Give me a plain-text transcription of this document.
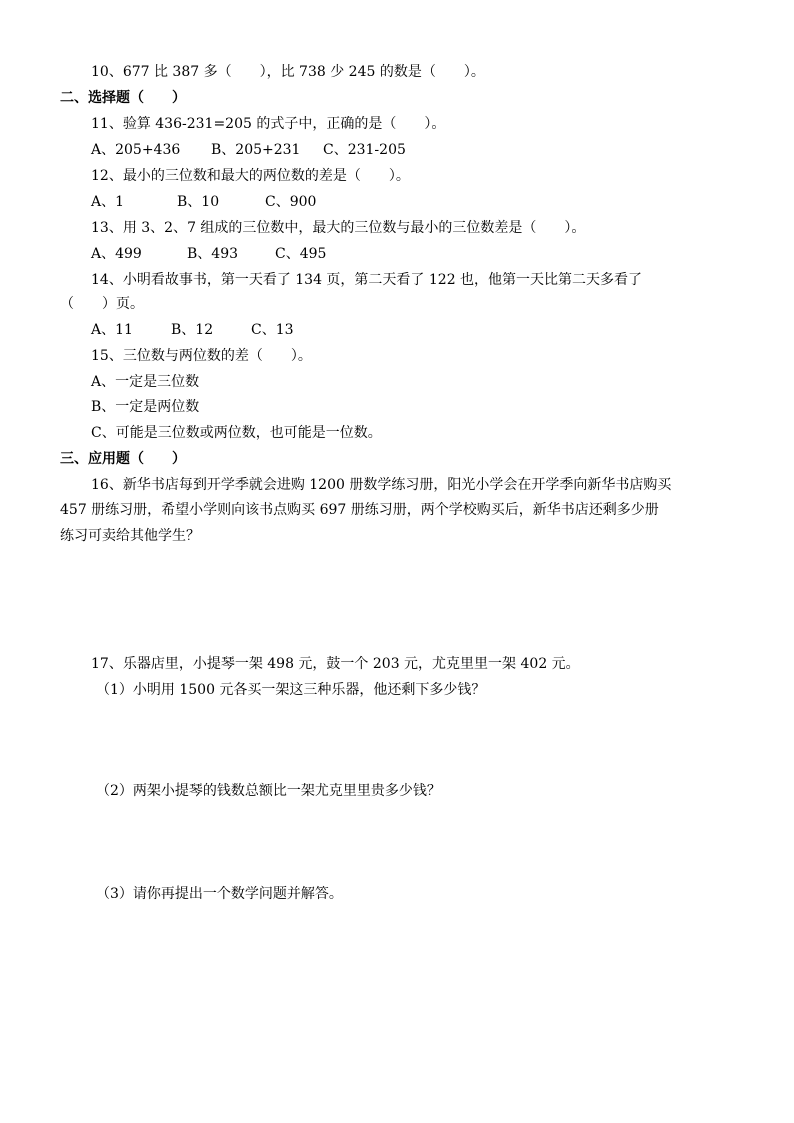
10、677 比 387 多（　　），比 738 少 245 的数是（　　）。
二、选择题（　　）
11、验算 436-231=205 的式子中，正确的是（　　）。
A、205+436 B、205+231 C、231-205
12、最小的三位数和最大的两位数的差是（　　）。
A、1	B、10	C、900
13、用 3、2、7 组成的三位数中，最大的三位数与最小的三位数差是（　　）。
A、499	B、493	C、495
14、小明看故事书，第一天看了 134 页，第二天看了 122 也，他第一天比第二天多看了
（　　）页。
A、11	B、12	C、13
15、三位数与两位数的差（　　）。
A、一定是三位数
B、一定是两位数
C、可能是三位数或两位数，也可能是一位数。
三、应用题（　　）
16、新华书店每到开学季就会进购 1200 册数学练习册，阳光小学会在开学季向新华书店购买
457 册练习册，希望小学则向该书点购买 697 册练习册，两个学校购买后，新华书店还剩多少册
练习可卖给其他学生？
17、乐器店里，小提琴一架 498 元，鼓一个 203 元，尤克里里一架 402 元。
（1）小明用 1500 元各买一架这三种乐器，他还剩下多少钱？
（2）两架小提琴的钱数总额比一架尤克里里贵多少钱？
（3）请你再提出一个数学问题并解答。
